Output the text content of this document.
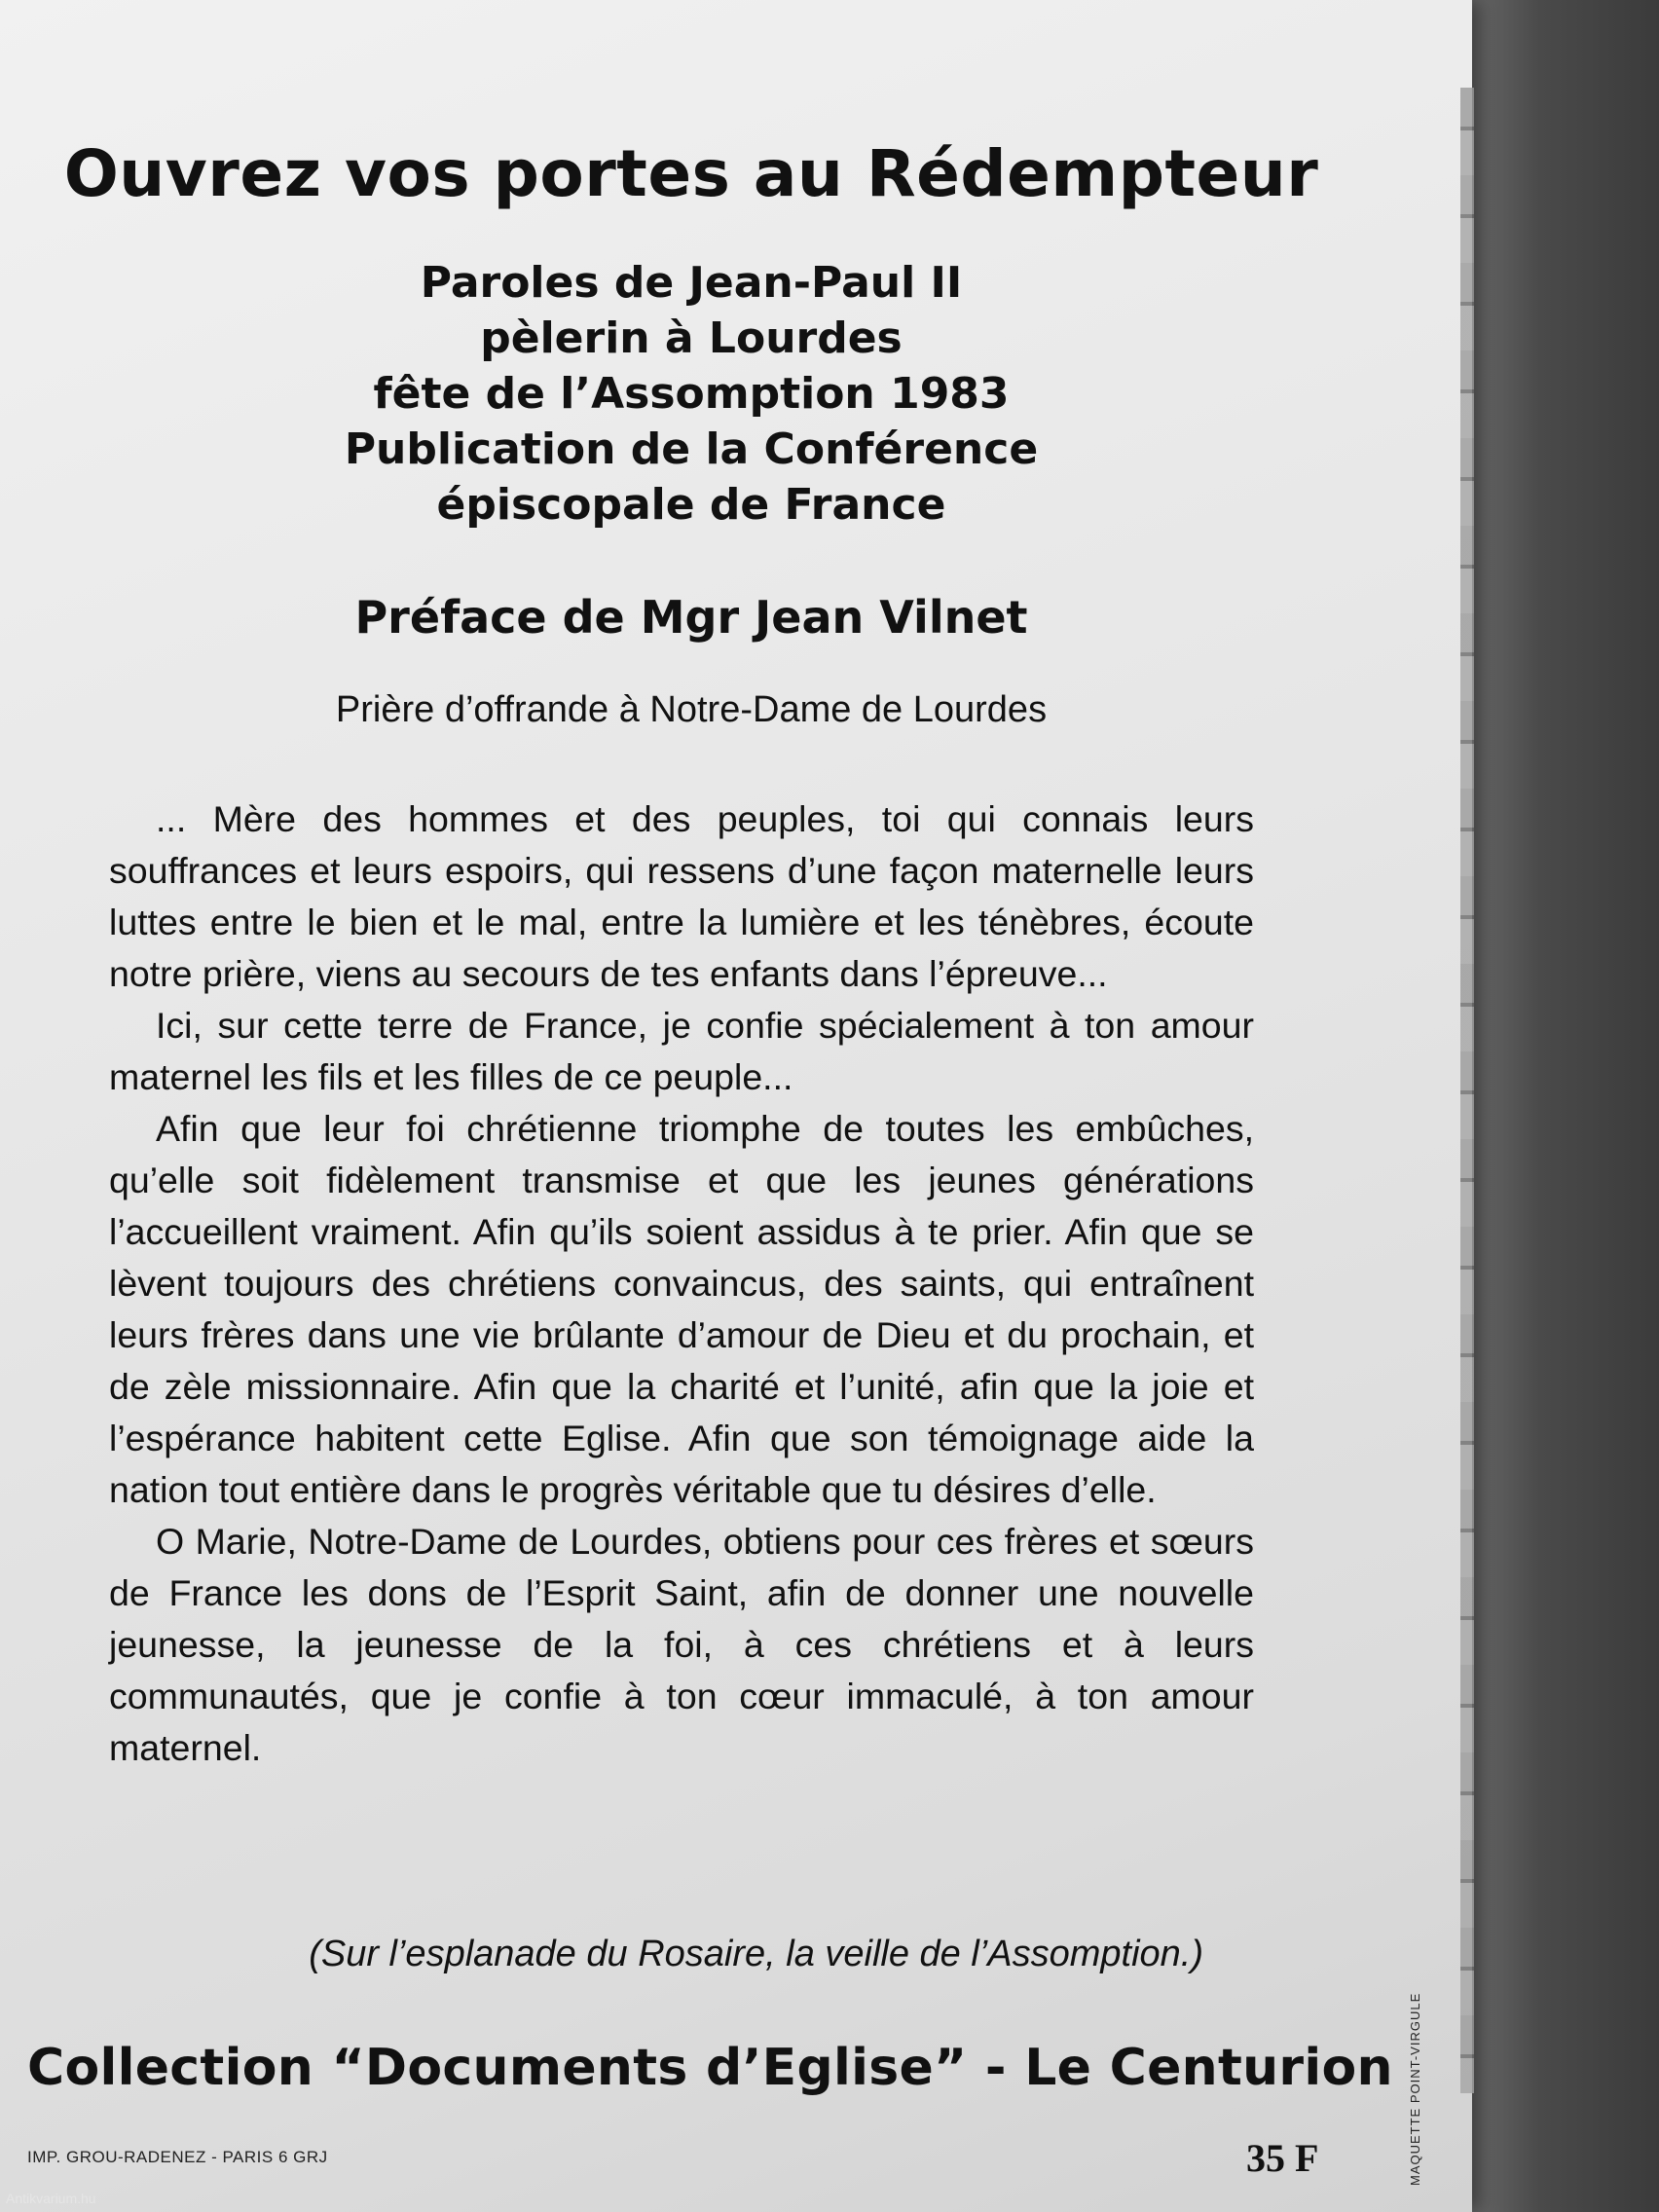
Ouvrez vos portes au Rédempteur
Paroles de Jean-Paul II
pèlerin à Lourdes
fête de l’Assomption 1983
Publication de la Conférence
épiscopale de France
Préface de Mgr Jean Vilnet
Prière d’offrande à Notre-Dame de Lourdes

... Mère des hommes et des peuples, toi qui connais leurs souffrances et leurs espoirs, qui ressens d’une façon maternelle leurs luttes entre le bien et le mal, entre la lumière et les ténèbres, écoute notre prière, viens au secours de tes enfants dans l’épreuve...

Ici, sur cette terre de France, je confie spécialement à ton amour maternel les fils et les filles de ce peuple...

Afin que leur foi chrétienne triomphe de toutes les embûches, qu’elle soit fidèlement transmise et que les jeunes générations l’accueillent vraiment. Afin qu’ils soient assidus à te prier. Afin que se lèvent toujours des chrétiens convaincus, des saints, qui entraînent leurs frères dans une vie brûlante d’amour de Dieu et du prochain, et de zèle missionnaire. Afin que la charité et l’unité, afin que la joie et l’espérance habitent cette Eglise. Afin que son témoignage aide la nation tout entière dans le progrès véritable que tu désires d’elle.

O Marie, Notre-Dame de Lourdes, obtiens pour ces frères et sœurs de France les dons de l’Esprit Saint, afin de donner une nouvelle jeunesse, la jeunesse de la foi, à ces chrétiens et à leurs communautés, que je confie à ton cœur immaculé, à ton amour maternel.

(Sur l’esplanade du Rosaire, la veille de l’Assomption.)
Collection “Documents d’Eglise” - Le Centurion
IMP. GROU-RADENEZ - PARIS 6 GRJ	35 F	MAQUETTE POINT-VIRGULE
Antikvarium.hu
